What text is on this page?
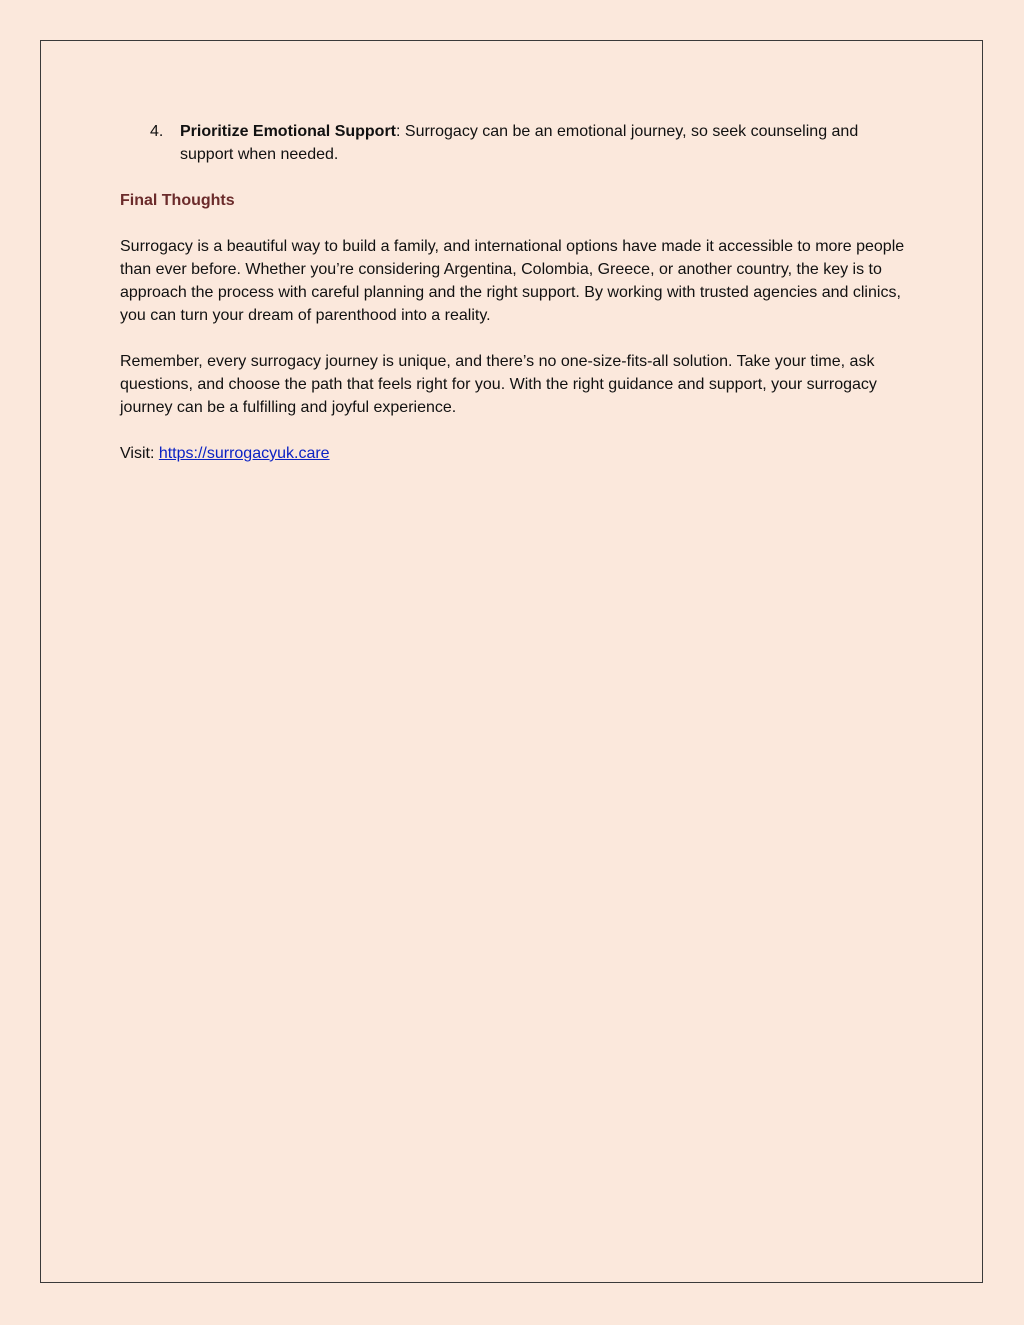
4. Prioritize Emotional Support: Surrogacy can be an emotional journey, so seek counseling and support when needed.

Final Thoughts

Surrogacy is a beautiful way to build a family, and international options have made it accessible to more people than ever before. Whether you’re considering Argentina, Colombia, Greece, or another country, the key is to approach the process with careful planning and the right support. By working with trusted agencies and clinics, you can turn your dream of parenthood into a reality.

Remember, every surrogacy journey is unique, and there’s no one-size-fits-all solution. Take your time, ask questions, and choose the path that feels right for you. With the right guidance and support, your surrogacy journey can be a fulfilling and joyful experience.

Visit: https://surrogacyuk.care
